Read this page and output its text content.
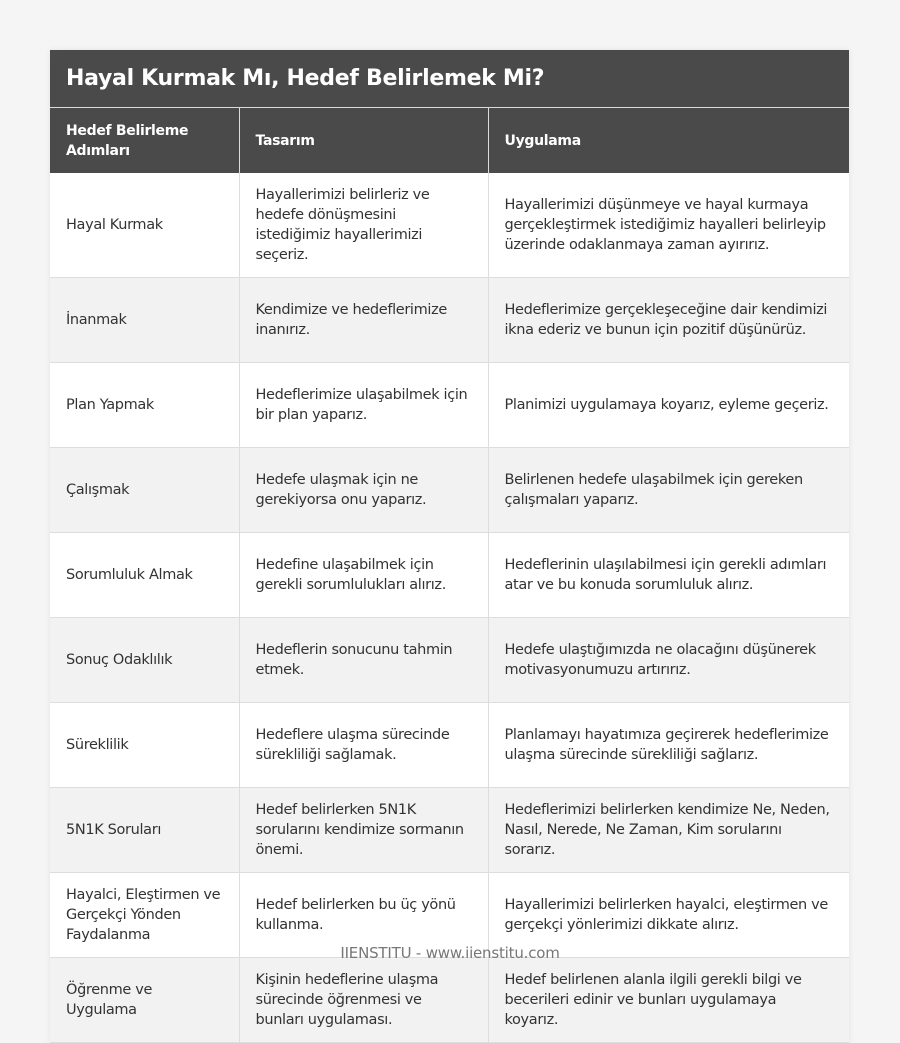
Hayal Kurmak Mı, Hedef Belirlemek Mi?
Hedef Belirleme Adımları	Tasarım	Uygulama
Hayal Kurmak	Hayallerimizi belirleriz ve hedefe dönüşmesini istediğimiz hayallerimizi seçeriz.	Hayallerimizi düşünmeye ve hayal kurmaya gerçekleştirmek istediğimiz hayalleri belirleyip üzerinde odaklanmaya zaman ayırırız.
İnanmak	Kendimize ve hedeflerimize inanırız.	Hedeflerimize gerçekleşeceğine dair kendimizi ikna ederiz ve bunun için pozitif düşünürüz.
Plan Yapmak	Hedeflerimize ulaşabilmek için bir plan yaparız.	Planimizi uygulamaya koyarız, eyleme geçeriz.
Çalışmak	Hedefe ulaşmak için ne gerekiyorsa onu yaparız.	Belirlenen hedefe ulaşabilmek için gereken çalışmaları yaparız.
Sorumluluk Almak	Hedefine ulaşabilmek için gerekli sorumlulukları alırız.	Hedeflerinin ulaşılabilmesi için gerekli adımları atar ve bu konuda sorumluluk alırız.
Sonuç Odaklılık	Hedeflerin sonucunu tahmin etmek.	Hedefe ulaştığımızda ne olacağını düşünerek motivasyonumuzu artırırız.
Süreklilik	Hedeflere ulaşma sürecinde sürekliliği sağlamak.	Planlamayı hayatımıza geçirerek hedeflerimize ulaşma sürecinde sürekliliği sağlarız.
5N1K Soruları	Hedef belirlerken 5N1K sorularını kendimize sormanın önemi.	Hedeflerimizi belirlerken kendimize Ne, Neden, Nasıl, Nerede, Ne Zaman, Kim sorularını sorarız.
Hayalci, Eleştirmen ve Gerçekçi Yönden Faydalanma	Hedef belirlerken bu üç yönü kullanma.	Hayallerimizi belirlerken hayalci, eleştirmen ve gerçekçi yönlerimizi dikkate alırız.
Öğrenme ve Uygulama	Kişinin hedeflerine ulaşma sürecinde öğrenmesi ve bunları uygulaması.	Hedef belirlenen alanla ilgili gerekli bilgi ve becerileri edinir ve bunları uygulamaya koyarız.
IIENSTITU - www.iienstitu.com
